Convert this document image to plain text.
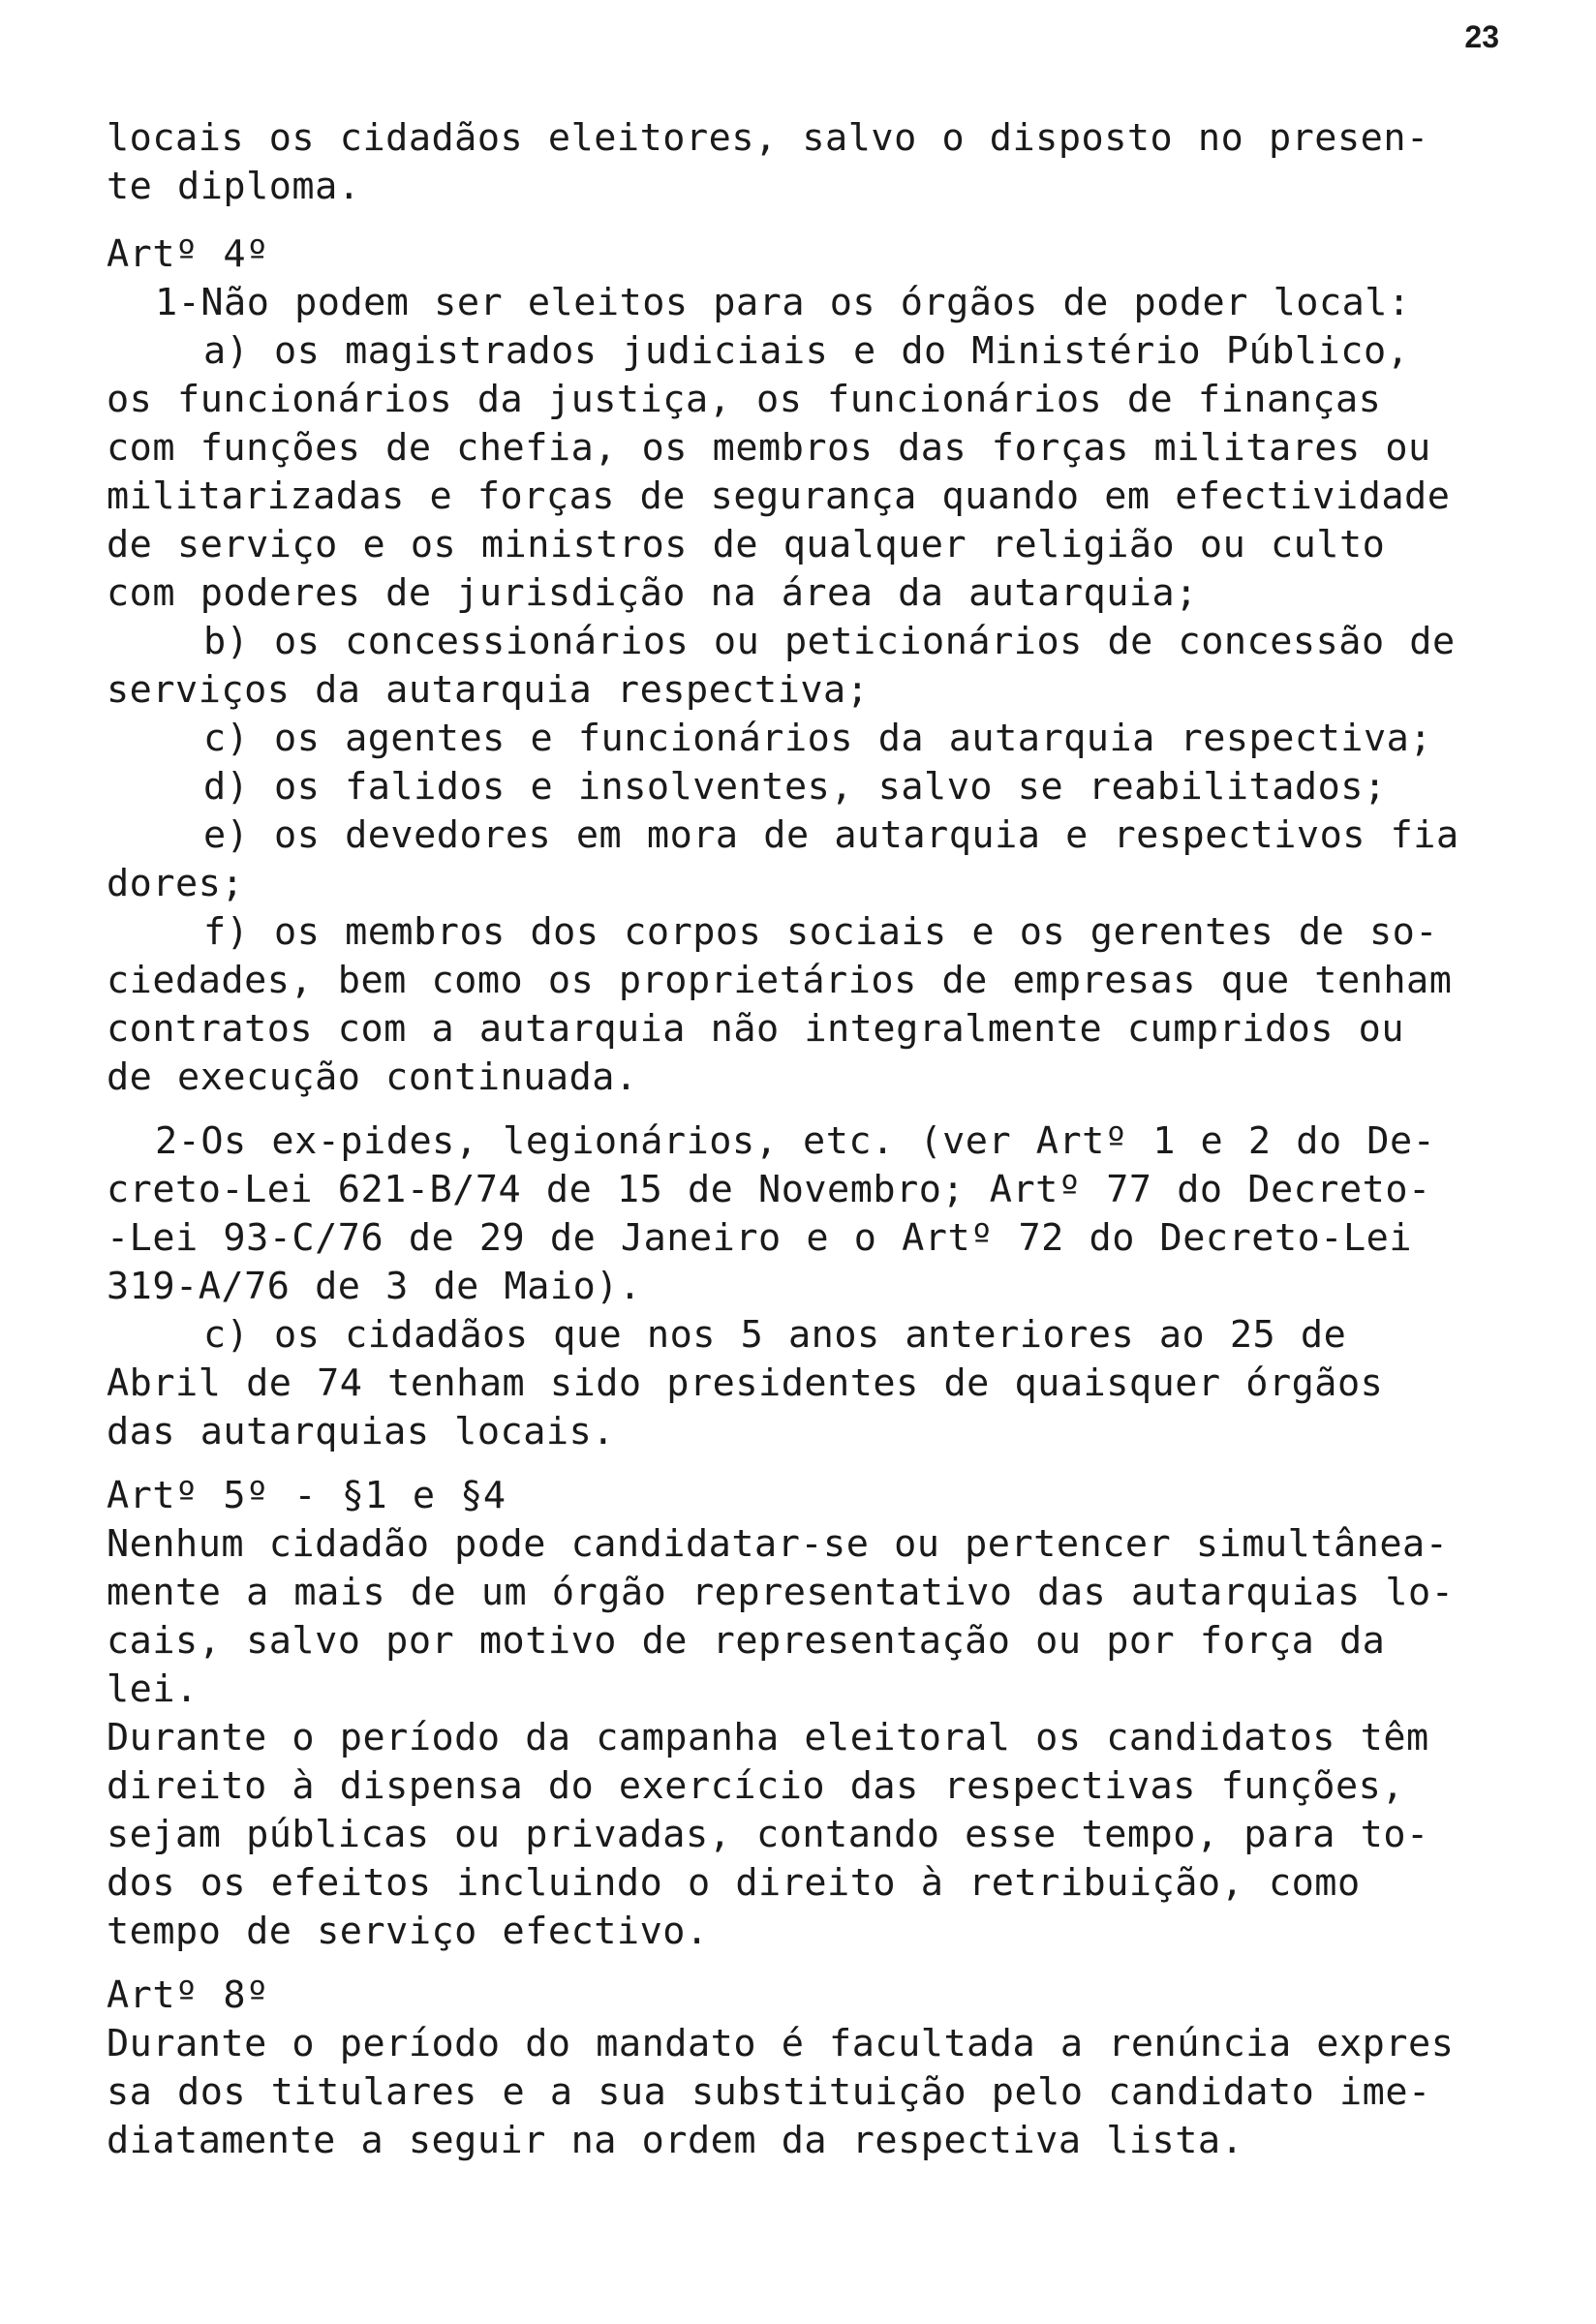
23
locais os cidadãos eleitores, salvo o disposto no presen-
te diploma.
Artº 4º
1-Não podem ser eleitos para os órgãos de poder local:
a) os magistrados judiciais e do Ministério Público,
os funcionários da justiça, os funcionários de finanças
com funções de chefia, os membros das forças militares ou
militarizadas e forças de segurança quando em efectividade
de serviço e os ministros de qualquer religião ou culto
com poderes de jurisdição na área da autarquia;
b) os concessionários ou peticionários de concessão de
serviços da autarquia respectiva;
c) os agentes e funcionários da autarquia respectiva;
d) os falidos e insolventes, salvo se reabilitados;
e) os devedores em mora de autarquia e respectivos fia
dores;
f) os membros dos corpos sociais e os gerentes de so-
ciedades, bem como os proprietários de empresas que tenham
contratos com a autarquia não integralmente cumpridos ou
de execução continuada.
2-Os ex-pides, legionários, etc. (ver Artº 1 e 2 do De-
creto-Lei 621-B/74 de 15 de Novembro; Artº 77 do Decreto-
-Lei 93-C/76 de 29 de Janeiro e o Artº 72 do Decreto-Lei
319-A/76 de 3 de Maio).
c) os cidadãos que nos 5 anos anteriores ao 25 de
Abril de 74 tenham sido presidentes de quaisquer órgãos
das autarquias locais.
Artº 5º - §1 e §4
Nenhum cidadão pode candidatar-se ou pertencer simultâneа-
mente a mais de um órgão representativo das autarquias lo-
cais, salvo por motivo de representação ou por força da
lei.
Durante o período da campanha eleitoral os candidatos têm
direito à dispensa do exercício das respectivas funções,
sejam públicas ou privadas, contando esse tempo, para to-
dos os efeitos incluindo o direito à retribuição, como
tempo de serviço efectivo.
Artº 8º
Durante o período do mandato é facultada a renúncia expres
sa dos titulares e a sua substituição pelo candidato ime-
diatamente a seguir na ordem da respectiva lista.
